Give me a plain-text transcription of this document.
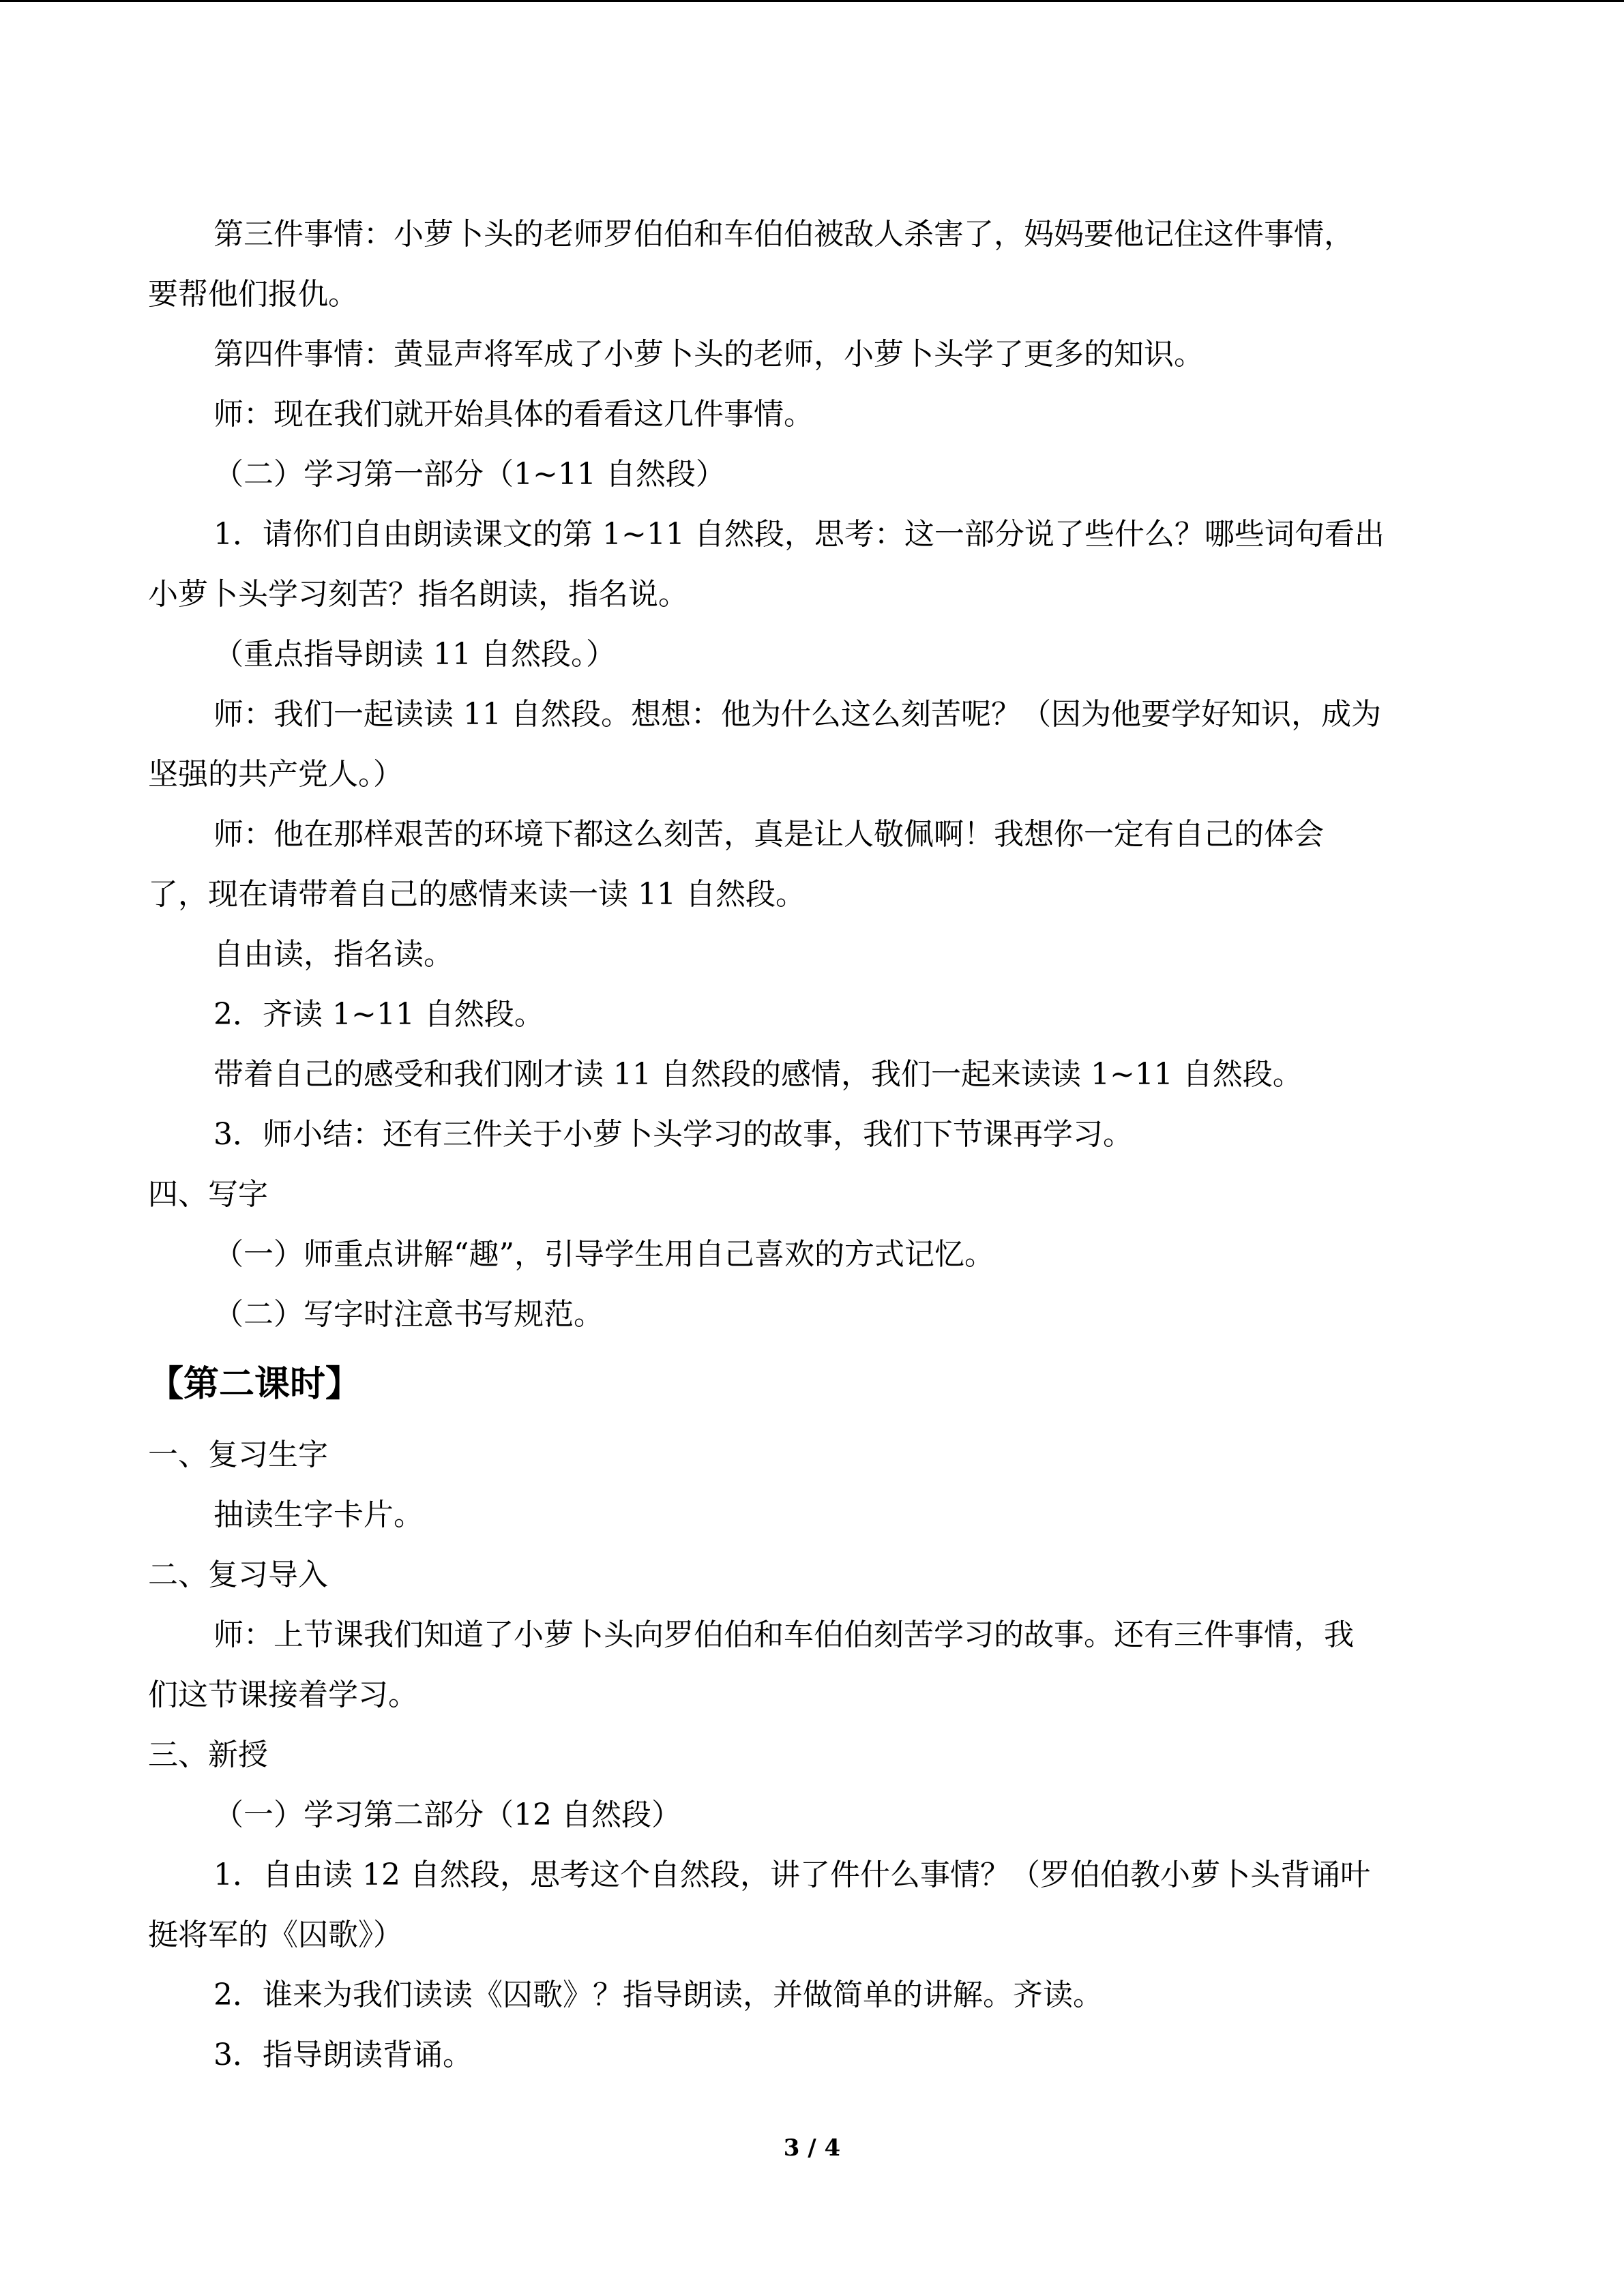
第三件事情：小萝卜头的老师罗伯伯和车伯伯被敌人杀害了，妈妈要他记住这件事情，
要帮他们报仇。
第四件事情：黄显声将军成了小萝卜头的老师，小萝卜头学了更多的知识。
师：现在我们就开始具体的看看这几件事情。
（二）学习第一部分（1~11 自然段）
1．请你们自由朗读课文的第 1~11 自然段，思考：这一部分说了些什么？哪些词句看出
小萝卜头学习刻苦？指名朗读，指名说。
（重点指导朗读 11 自然段。）
师：我们一起读读 11 自然段。想想：他为什么这么刻苦呢？（因为他要学好知识，成为
坚强的共产党人。）
师：他在那样艰苦的环境下都这么刻苦，真是让人敬佩啊！我想你一定有自己的体会
了，现在请带着自己的感情来读一读 11 自然段。
自由读，指名读。
2．齐读 1~11 自然段。
带着自己的感受和我们刚才读 11 自然段的感情，我们一起来读读 1~11 自然段。
3．师小结：还有三件关于小萝卜头学习的故事，我们下节课再学习。
四、写字
（一）师重点讲解“趣”，引导学生用自己喜欢的方式记忆。
（二）写字时注意书写规范。
【第二课时】
一、复习生字
抽读生字卡片。
二、复习导入
师：上节课我们知道了小萝卜头向罗伯伯和车伯伯刻苦学习的故事。还有三件事情，我
们这节课接着学习。
三、新授
（一）学习第二部分（12 自然段）
1．自由读 12 自然段，思考这个自然段，讲了件什么事情？（罗伯伯教小萝卜头背诵叶
挺将军的《囚歌》）
2．谁来为我们读读《囚歌》？指导朗读，并做简单的讲解。齐读。
3．指导朗读背诵。
3 / 4
